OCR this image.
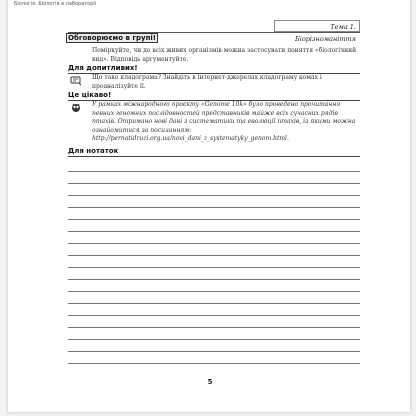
Біологія. Біологія в лабораторії
Тема 1. Біорізноманіття
Обговорюємо в групі!
Поміркуйте, чи до всіх живих організмів можна застосувати поняття «біологічний вид». Відповідь аргументуйте.
Для допитливих!
Що таке кладограма? Знайдіть в інтернет-джерелах кладограму комах і проаналізуйте її.
Це цікаво!
У рамках міжнародного проєкту «Genome 10k» було проведено прочитання певних геномних послідовностей представників майже всіх сучасних рядів птахів. Отримано нові дані з систематики та еволюції птахів, із якими можна ознайомитися за посиланням: http://pernatidruzi.org.ua/novi_dani_z_systematyky_genom.html.
Для нотаток
5
